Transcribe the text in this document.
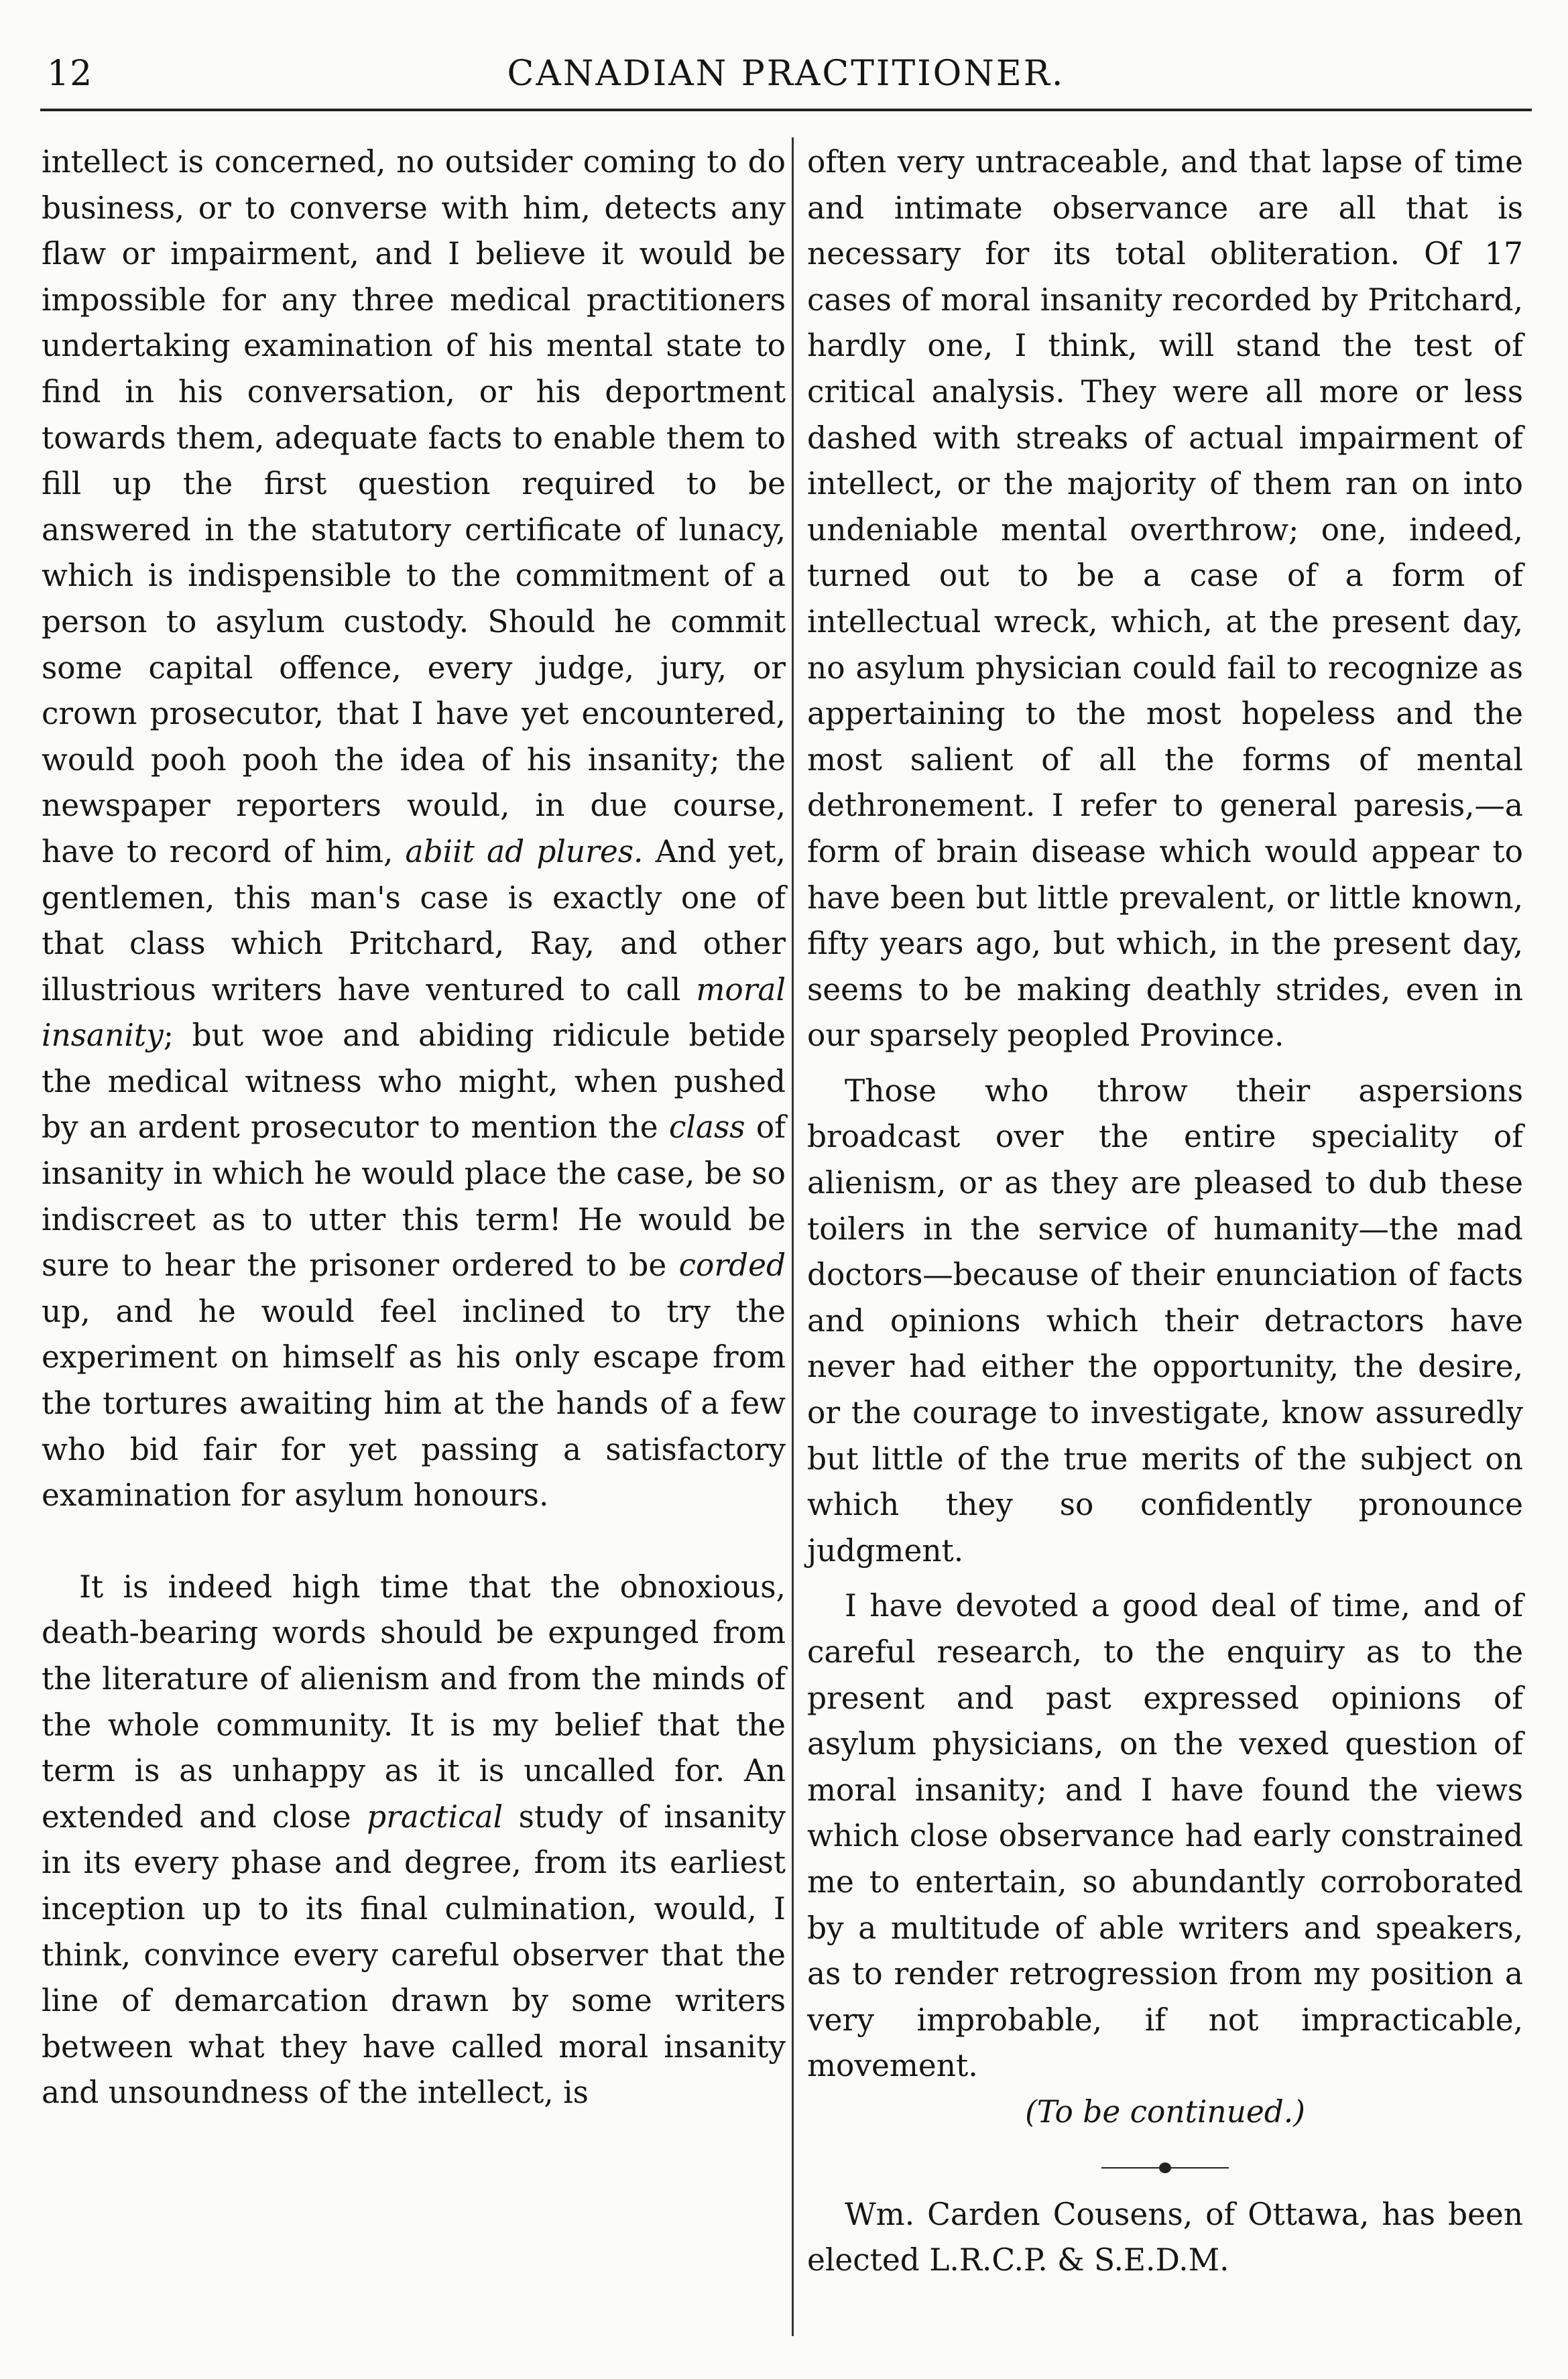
12	CANADIAN PRACTITIONER.

intellect is concerned, no outsider coming to do business, or to converse with him, detects any flaw or impairment, and I believe it would be impossible for any three medical practitioners undertaking examination of his mental state to find in his conversation, or his deportment towards them, adequate facts to enable them to fill up the first question required to be answered in the statutory certificate of lunacy, which is indispensible to the commitment of a person to asylum custody. Should he commit some capital offence, every judge, jury, or crown prosecutor, that I have yet encountered, would pooh pooh the idea of his insanity; the newspaper reporters would, in due course, have to record of him, abiit ad plures. And yet, gentlemen, this man's case is exactly one of that class which Pritchard, Ray, and other illustrious writers have ventured to call moral insanity; but woe and abiding ridicule betide the medical witness who might, when pushed by an ardent prosecutor to mention the class of insanity in which he would place the case, be so indiscreet as to utter this term! He would be sure to hear the prisoner ordered to be corded up, and he would feel inclined to try the experiment on himself as his only escape from the tortures awaiting him at the hands of a few who bid fair for yet passing a satisfactory examination for asylum honours.

It is indeed high time that the obnoxious, death-bearing words should be expunged from the literature of alienism and from the minds of the whole community. It is my belief that the term is as unhappy as it is uncalled for. An extended and close practical study of insanity in its every phase and degree, from its earliest inception up to its final culmination, would, I think, convince every careful observer that the line of demarcation drawn by some writers between what they have called moral insanity and unsoundness of the intellect, is

often very untraceable, and that lapse of time and intimate observance are all that is necessary for its total obliteration. Of 17 cases of moral insanity recorded by Pritchard, hardly one, I think, will stand the test of critical analysis. They were all more or less dashed with streaks of actual impairment of intellect, or the majority of them ran on into undeniable mental overthrow; one, indeed, turned out to be a case of a form of intellectual wreck, which, at the present day, no asylum physician could fail to recognize as appertaining to the most hopeless and the most salient of all the forms of mental dethronement. I refer to general paresis,—a form of brain disease which would appear to have been but little prevalent, or little known, fifty years ago, but which, in the present day, seems to be making deathly strides, even in our sparsely peopled Province.

Those who throw their aspersions broadcast over the entire speciality of alienism, or as they are pleased to dub these toilers in the service of humanity—the mad doctors—because of their enunciation of facts and opinions which their detractors have never had either the opportunity, the desire, or the courage to investigate, know assuredly but little of the true merits of the subject on which they so confidently pronounce judgment.

I have devoted a good deal of time, and of careful research, to the enquiry as to the present and past expressed opinions of asylum physicians, on the vexed question of moral insanity; and I have found the views which close observance had early constrained me to entertain, so abundantly corroborated by a multitude of able writers and speakers, as to render retrogression from my position a very improbable, if not impracticable, movement.

(To be continued.)

Wm. Carden Cousens, of Ottawa, has been elected L.R.C.P. & S.E.D.M.
